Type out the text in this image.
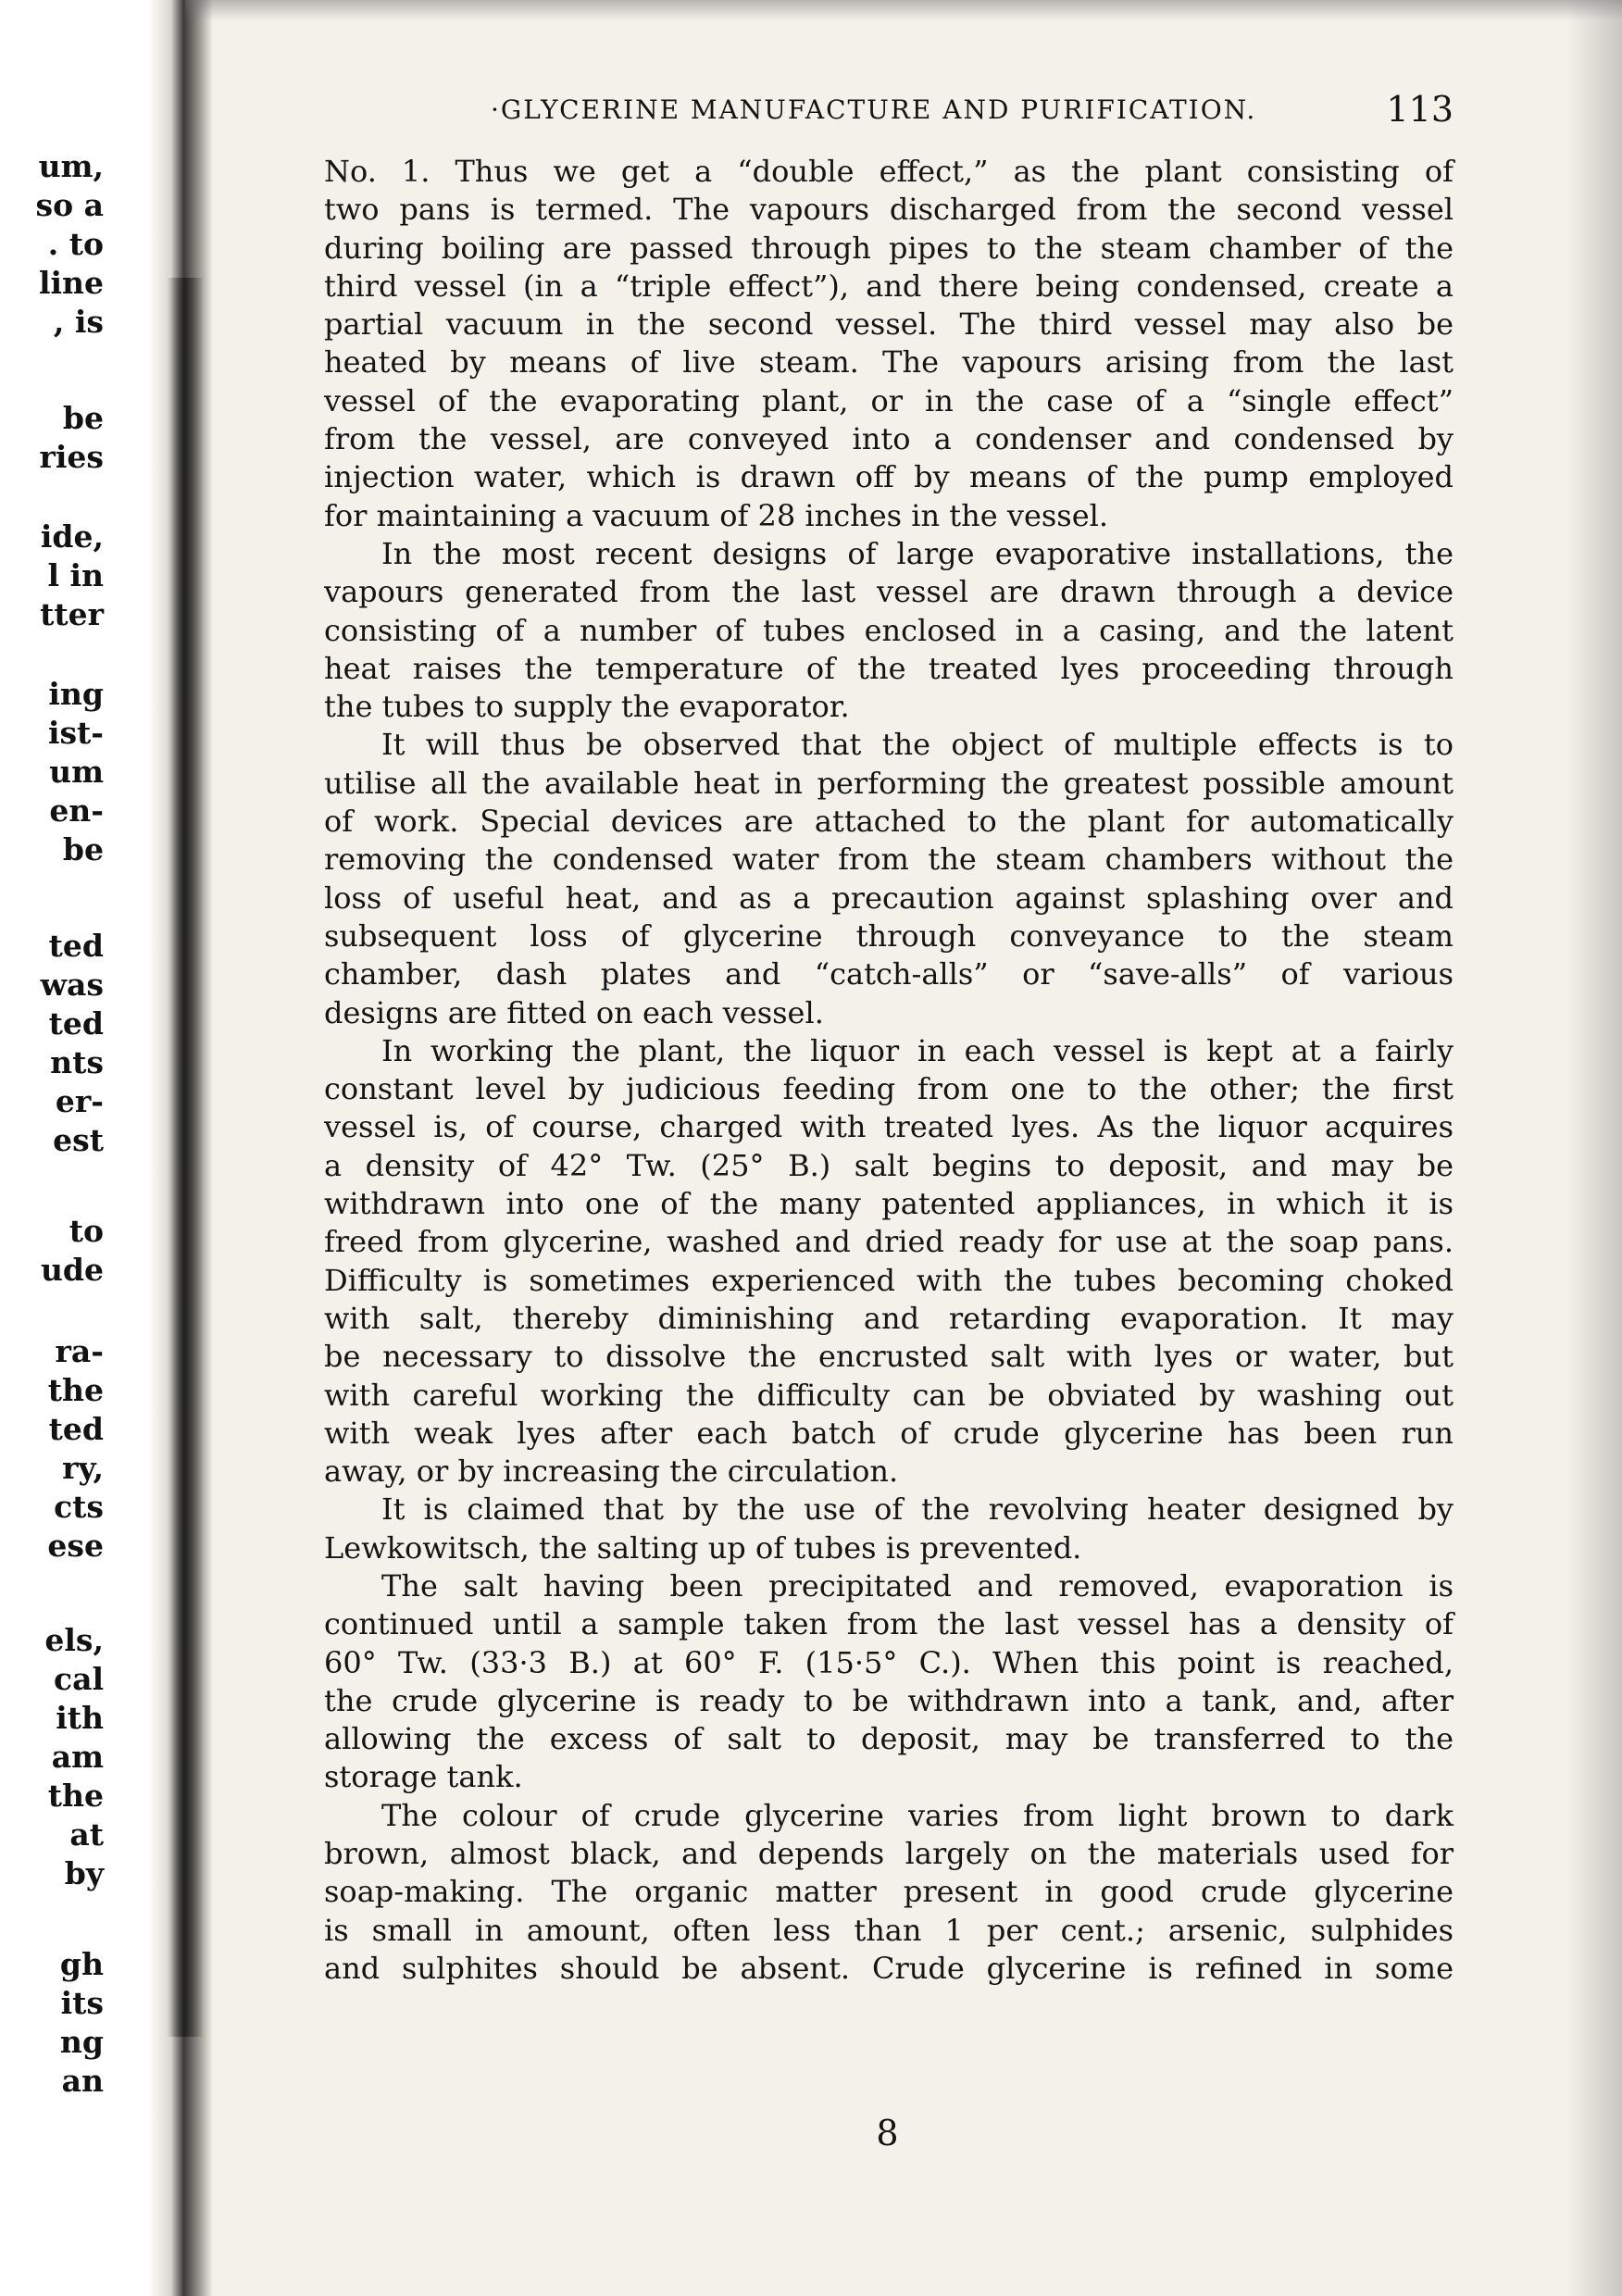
um,
so a
. to
line
, is
be
ries
ide,
l in
tter
ing
ist-
um
en-
be
ted
was
ted
nts
er-
est
to
ude
ra-
the
ted
ry,
cts
ese
els,
cal
ith
am
the
at
by
gh
its
ng
an
·GLYCERINE MANUFACTURE AND PURIFICATION.	113

No. 1. Thus we get a “double effect,” as the plant consisting of

two pans is termed. The vapours discharged from the second vessel

during boiling are passed through pipes to the steam chamber of the

third vessel (in a “triple effect”), and there being condensed, create a

partial vacuum in the second vessel. The third vessel may also be

heated by means of live steam. The vapours arising from the last

vessel of the evaporating plant, or in the case of a “single effect”

from the vessel, are conveyed into a condenser and condensed by

injection water, which is drawn off by means of the pump employed

for maintaining a vacuum of 28 inches in the vessel.

In the most recent designs of large evaporative installations, the

vapours generated from the last vessel are drawn through a device

consisting of a number of tubes enclosed in a casing, and the latent

heat raises the temperature of the treated lyes proceeding through

the tubes to supply the evaporator.

It will thus be observed that the object of multiple effects is to

utilise all the available heat in performing the greatest possible amount

of work. Special devices are attached to the plant for automatically

removing the condensed water from the steam chambers without the

loss of useful heat, and as a precaution against splashing over and

subsequent loss of glycerine through conveyance to the steam

chamber, dash plates and “catch-alls” or “save-alls” of various

designs are fitted on each vessel.

In working the plant, the liquor in each vessel is kept at a fairly

constant level by judicious feeding from one to the other; the first

vessel is, of course, charged with treated lyes. As the liquor acquires

a density of 42° Tw. (25° B.) salt begins to deposit, and may be

withdrawn into one of the many patented appliances, in which it is

freed from glycerine, washed and dried ready for use at the soap pans.

Difficulty is sometimes experienced with the tubes becoming choked

with salt, thereby diminishing and retarding evaporation. It may

be necessary to dissolve the encrusted salt with lyes or water, but

with careful working the difficulty can be obviated by washing out

with weak lyes after each batch of crude glycerine has been run

away, or by increasing the circulation.

It is claimed that by the use of the revolving heater designed by

Lewkowitsch, the salting up of tubes is prevented.

The salt having been precipitated and removed, evaporation is

continued until a sample taken from the last vessel has a density of

60° Tw. (33·3 B.) at 60° F. (15·5° C.). When this point is reached,

the crude glycerine is ready to be withdrawn into a tank, and, after

allowing the excess of salt to deposit, may be transferred to the

storage tank.

The colour of crude glycerine varies from light brown to dark

brown, almost black, and depends largely on the materials used for

soap-making. The organic matter present in good crude glycerine

is small in amount, often less than 1 per cent.; arsenic, sulphides

and sulphites should be absent. Crude glycerine is refined in some

8
